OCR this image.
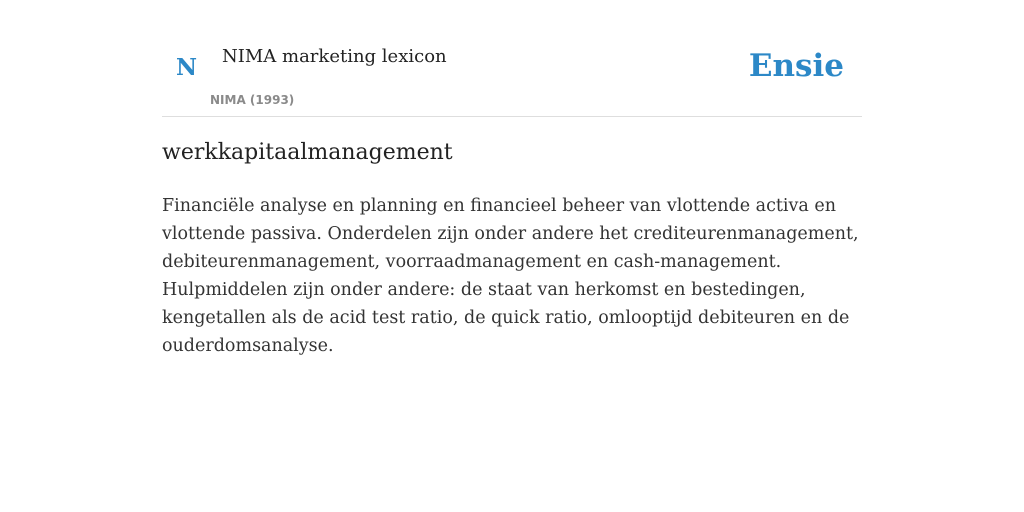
N NIMA marketing lexicon
NIMA (1993)
Ensie
werkkapitaalmanagement

Financiële analyse en planning en financieel beheer van vlottende activa en vlottende passiva. Onderdelen zijn onder andere het crediteurenmanagement, debiteurenmanagement, voorraadmanagement en cash-management. Hulpmiddelen zijn onder andere: de staat van herkomst en bestedingen, kengetallen als de acid test ratio, de quick ratio, omlooptijd debiteuren en de ouderdomsanalyse.
